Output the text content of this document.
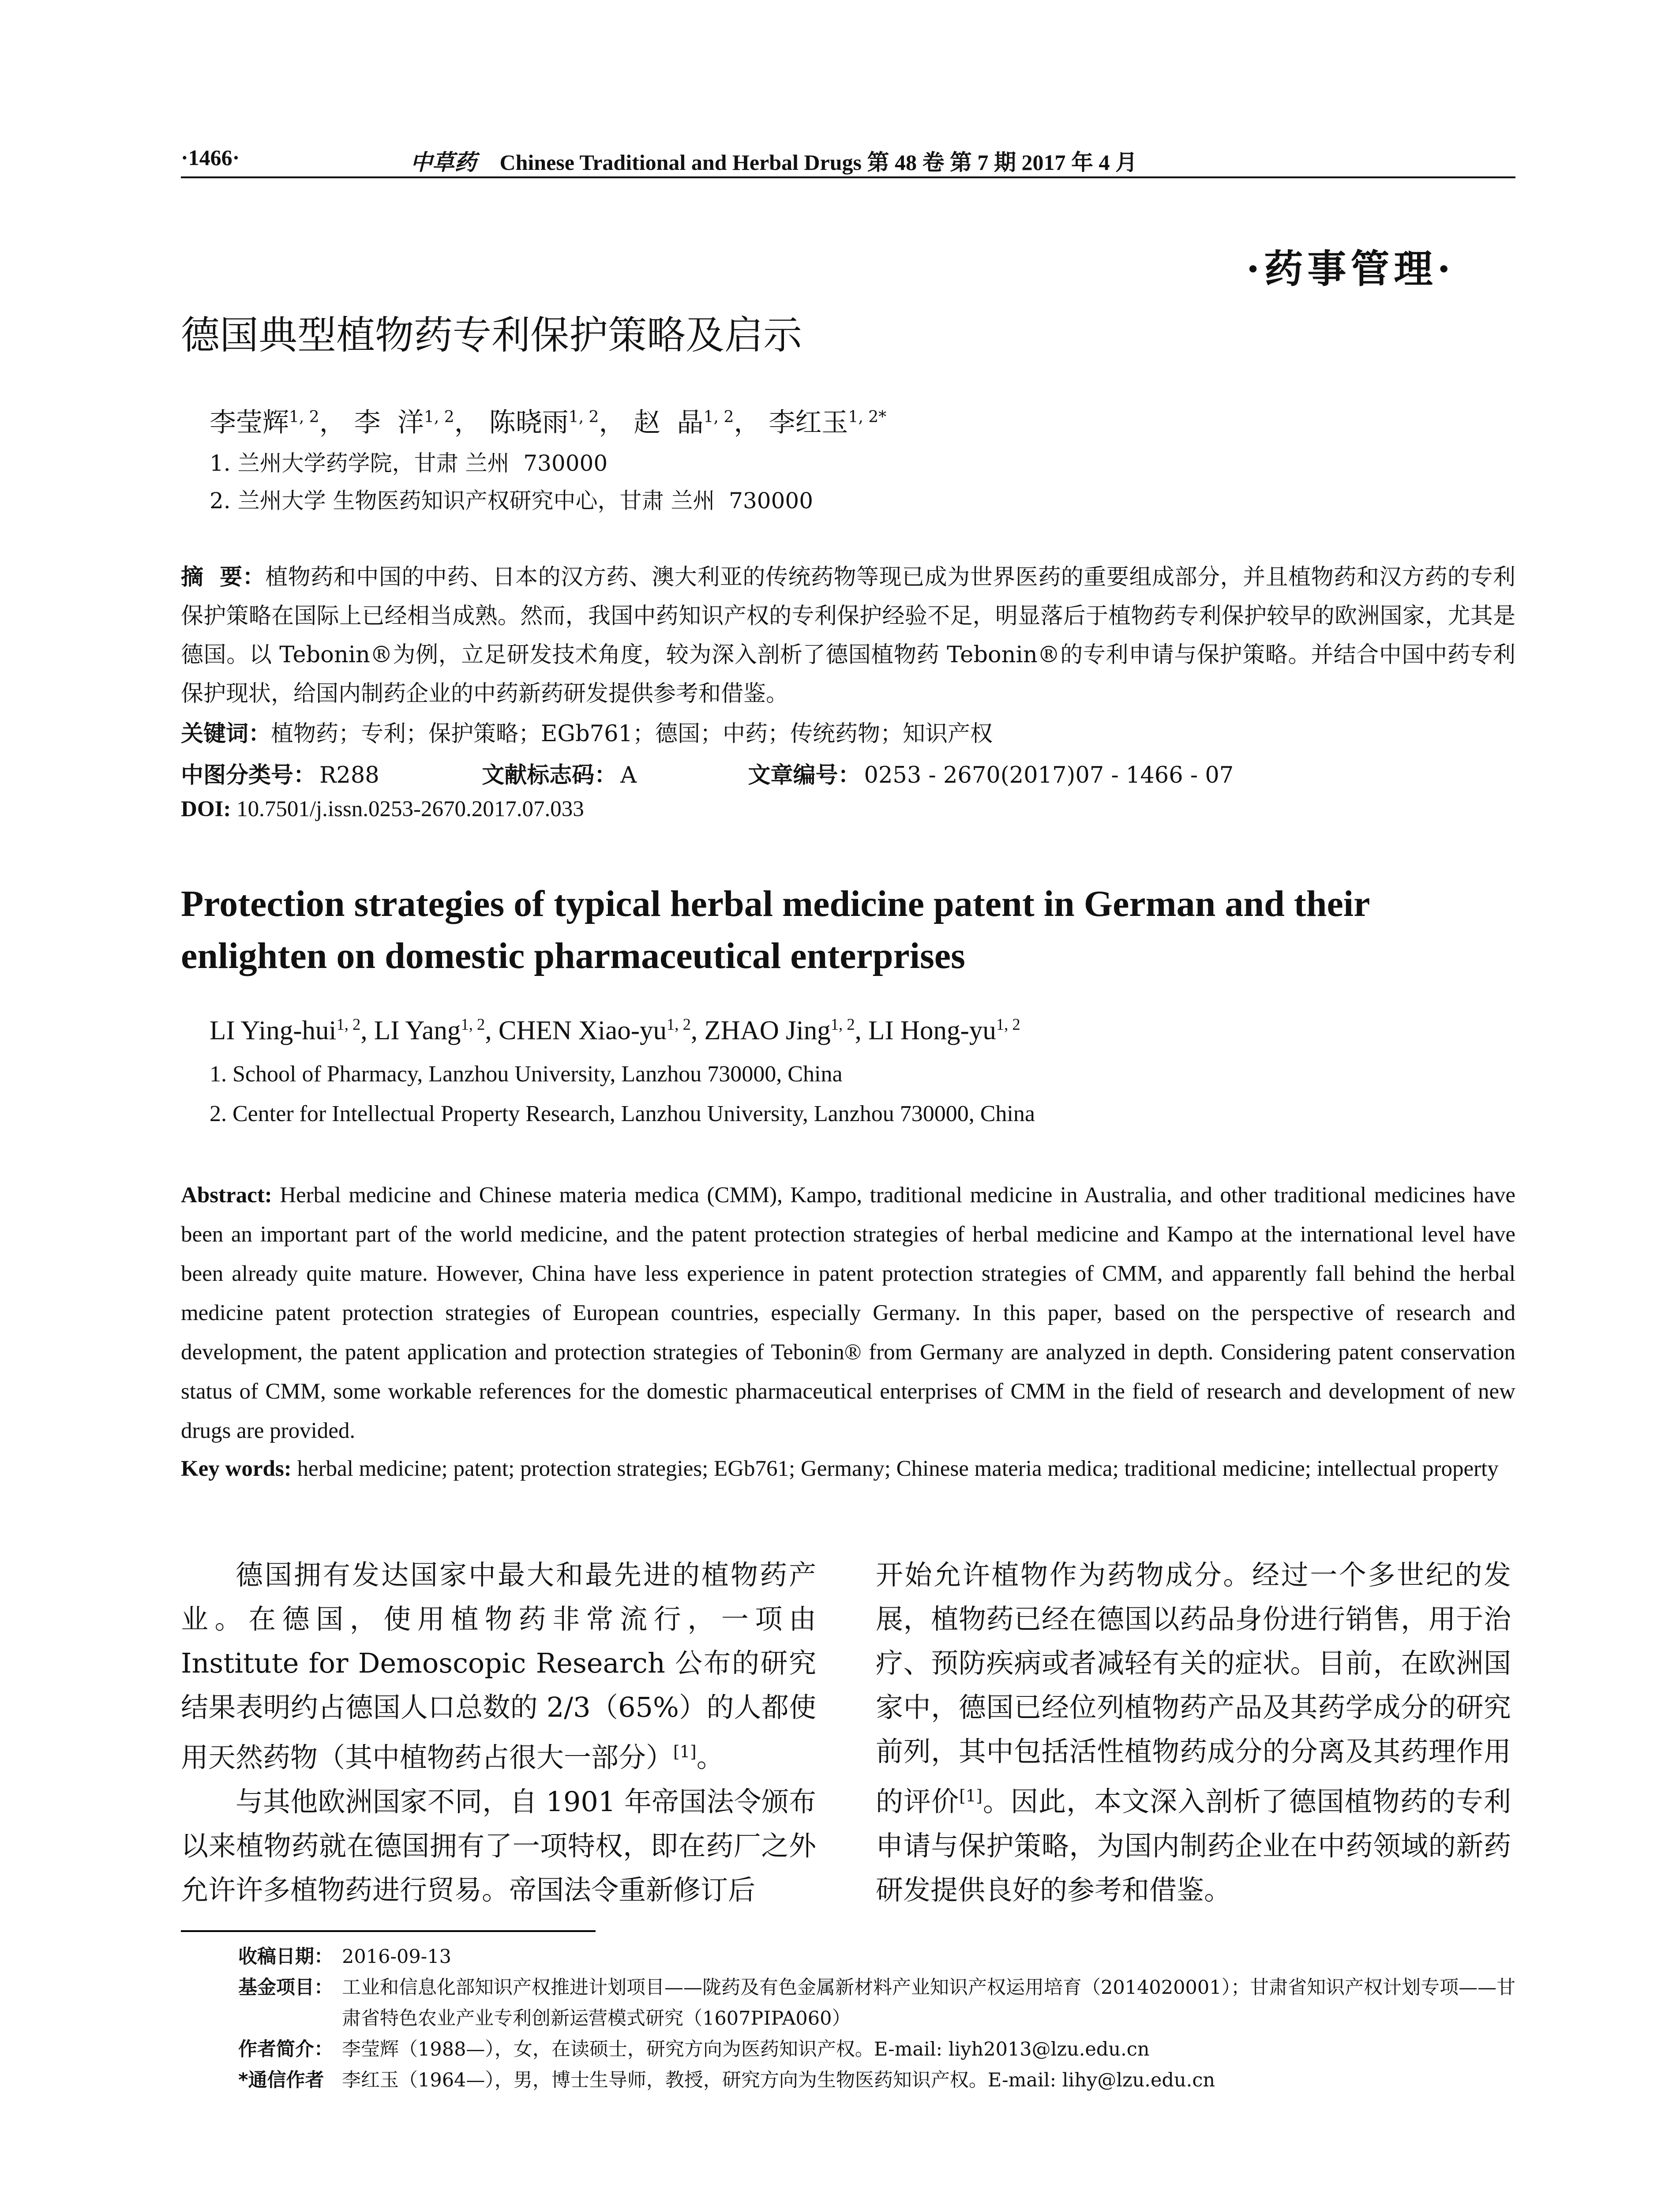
·1466·	中草药 Chinese Traditional and Herbal Drugs 第 48 卷 第 7 期 2017 年 4 月
·药事管理·
德国典型植物药专利保护策略及启示
李莹辉$^{1, 2}$， 李  洋$^{1, 2}$， 陈晓雨$^{1, 2}$， 赵  晶$^{1, 2}$， 李红玉$^{1, 2*}$
1. 兰州大学药学院，甘肃 兰州  730000
2. 兰州大学 生物医药知识产权研究中心，甘肃 兰州  730000
摘  要：植物药和中国的中药、日本的汉方药、澳大利亚的传统药物等现已成为世界医药的重要组成部分，并且植物药和汉方药的专利保护策略在国际上已经相当成熟。然而，我国中药知识产权的专利保护经验不足，明显落后于植物药专利保护较早的欧洲国家，尤其是德国。以 Tebonin®为例，立足研发技术角度，较为深入剖析了德国植物药 Tebonin®的专利申请与保护策略。并结合中国中药专利保护现状，给国内制药企业的中药新药研发提供参考和借鉴。
关键词：植物药；专利；保护策略；EGb761；德国；中药；传统药物；知识产权
中图分类号： R288	文献标志码： A	文章编号： 0253 - 2670(2017)07 - 1466 - 07
DOI: 10.7501/j.issn.0253-2670.2017.07.033
Protection strategies of typical herbal medicine patent in German and their enlighten on domestic pharmaceutical enterprises
LI Ying-hui$^{1, 2}$, LI Yang$^{1, 2}$, CHEN Xiao-yu$^{1, 2}$, ZHAO Jing$^{1, 2}$, LI Hong-yu$^{1, 2}$
1. School of Pharmacy, Lanzhou University, Lanzhou 730000, China
2. Center for Intellectual Property Research, Lanzhou University, Lanzhou 730000, China
Abstract: Herbal medicine and Chinese materia medica (CMM), Kampo, traditional medicine in Australia, and other traditional medicines have been an important part of the world medicine, and the patent protection strategies of herbal medicine and Kampo at the international level have been already quite mature. However, China have less experience in patent protection strategies of CMM, and apparently fall behind the herbal medicine patent protection strategies of European countries, especially Germany. In this paper, based on the perspective of research and development, the patent application and protection strategies of Tebonin® from Germany are analyzed in depth. Considering patent conservation status of CMM, some workable references for the domestic pharmaceutical enterprises of CMM in the field of research and development of new drugs are provided.
Key words: herbal medicine; patent; protection strategies; EGb761; Germany; Chinese materia medica; traditional medicine; intellectual property

德国拥有发达国家中最大和最先进的植物药产业。在德国，使用植物药非常流行，一项由 Institute for Demoscopic Research 公布的研究结果表明约占德国人口总数的 2/3（65%）的人都使用天然药物（其中植物药占很大一部分）[1]。

与其他欧洲国家不同，自 1901 年帝国法令颁布以来植物药就在德国拥有了一项特权，即在药厂之外允许许多植物药进行贸易。帝国法令重新修订后

开始允许植物作为药物成分。经过一个多世纪的发展，植物药已经在德国以药品身份进行销售，用于治疗、预防疾病或者减轻有关的症状。目前，在欧洲国家中，德国已经位列植物药产品及其药学成分的研究前列，其中包括活性植物药成分的分离及其药理作用的评价[1]。因此，本文深入剖析了德国植物药的专利申请与保护策略，为国内制药企业在中药领域的新药研发提供良好的参考和借鉴。

收稿日期： 2016-09-13
基金项目： 工业和信息化部知识产权推进计划项目——陇药及有色金属新材料产业知识产权运用培育（2014020001）；甘肃省知识产权计划专项——甘肃省特色农业产业专利创新运营模式研究（1607PIPA060）
作者简介： 李莹辉（1988—），女，在读硕士，研究方向为医药知识产权。E-mail: liyh2013@lzu.edu.cn
*通信作者 李红玉（1964—），男，博士生导师，教授，研究方向为生物医药知识产权。E-mail: lihy@lzu.edu.cn
